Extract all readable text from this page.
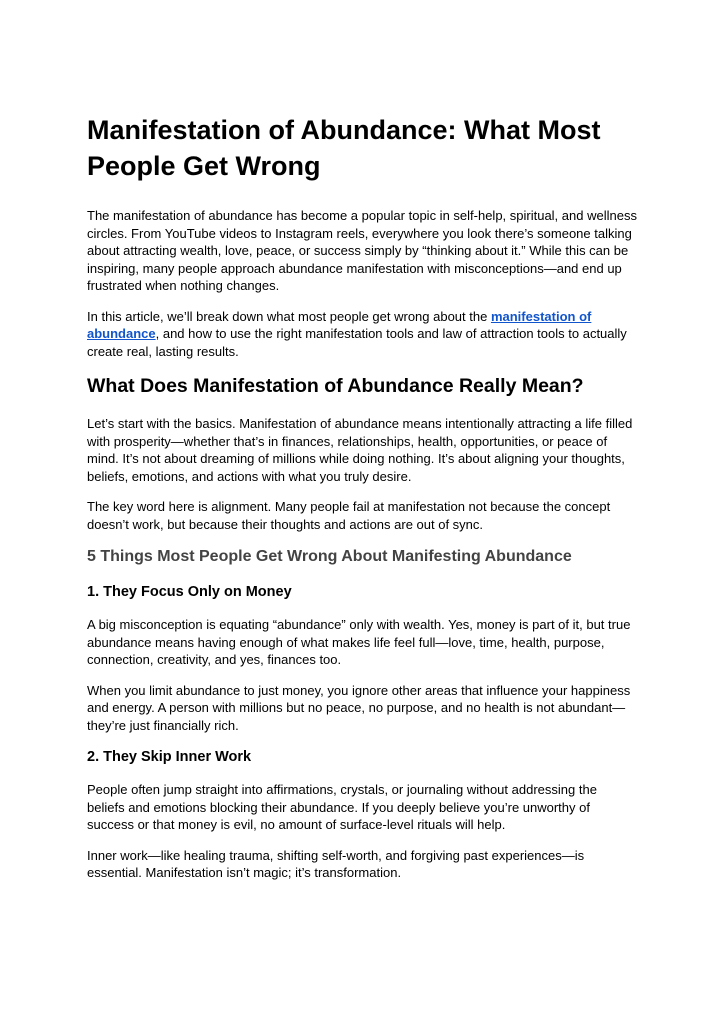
Manifestation of Abundance: What Most People Get Wrong

The manifestation of abundance has become a popular topic in self-help, spiritual, and wellness circles. From YouTube videos to Instagram reels, everywhere you look there’s someone talking about attracting wealth, love, peace, or success simply by “thinking about it.” While this can be inspiring, many people approach abundance manifestation with misconceptions—and end up frustrated when nothing changes.

In this article, we’ll break down what most people get wrong about the manifestation of abundance, and how to use the right manifestation tools and law of attraction tools to actually create real, lasting results.

What Does Manifestation of Abundance Really Mean?

Let’s start with the basics. Manifestation of abundance means intentionally attracting a life filled with prosperity—whether that’s in finances, relationships, health, opportunities, or peace of mind. It’s not about dreaming of millions while doing nothing. It’s about aligning your thoughts, beliefs, emotions, and actions with what you truly desire.

The key word here is alignment. Many people fail at manifestation not because the concept doesn’t work, but because their thoughts and actions are out of sync.

5 Things Most People Get Wrong About Manifesting Abundance
1. They Focus Only on Money

A big misconception is equating “abundance” only with wealth. Yes, money is part of it, but true abundance means having enough of what makes life feel full—love, time, health, purpose, connection, creativity, and yes, finances too.

When you limit abundance to just money, you ignore other areas that influence your happiness and energy. A person with millions but no peace, no purpose, and no health is not abundant—they’re just financially rich.

2. They Skip Inner Work

People often jump straight into affirmations, crystals, or journaling without addressing the beliefs and emotions blocking their abundance. If you deeply believe you’re unworthy of success or that money is evil, no amount of surface-level rituals will help.

Inner work—like healing trauma, shifting self-worth, and forgiving past experiences—is essential. Manifestation isn’t magic; it’s transformation.
